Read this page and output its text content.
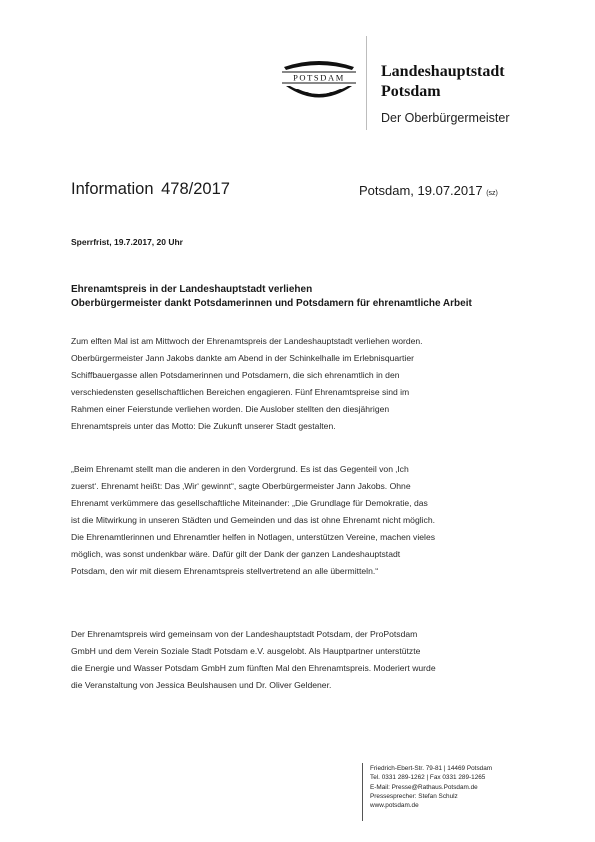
POTSDAM Landeshauptstadt
Potsdam
Der Oberbürgermeister
Information 478/2017	Potsdam, 19.07.2017 (sz)

Sperrfrist, 19.7.2017, 20 Uhr

Ehrenamtspreis in der Landeshauptstadt verliehen
Oberbürgermeister dankt Potsdamerinnen und Potsdamern für ehrenamtliche Arbeit
Zum elften Mal ist am Mittwoch der Ehrenamtspreis der Landeshauptstadt verliehen worden.
Oberbürgermeister Jann Jakobs dankte am Abend in der Schinkelhalle im Erlebnisquartier
Schiffbauergasse allen Potsdamerinnen und Potsdamern, die sich ehrenamtlich in den
verschiedensten gesellschaftlichen Bereichen engagieren. Fünf Ehrenamtspreise sind im
Rahmen einer Feierstunde verliehen worden. Die Auslober stellten den diesjährigen
Ehrenamtspreis unter das Motto: Die Zukunft unserer Stadt gestalten.
„Beim Ehrenamt stellt man die anderen in den Vordergrund. Es ist das Gegenteil von ‚Ich
zuerst‘. Ehrenamt heißt: Das ‚Wir‘ gewinnt“, sagte Oberbürgermeister Jann Jakobs. Ohne
Ehrenamt verkümmere das gesellschaftliche Miteinander: „Die Grundlage für Demokratie, das
ist die Mitwirkung in unseren Städten und Gemeinden und das ist ohne Ehrenamt nicht möglich.
Die Ehrenamtlerinnen und Ehrenamtler helfen in Notlagen, unterstützen Vereine, machen vieles
möglich, was sonst undenkbar wäre. Dafür gilt der Dank der ganzen Landeshauptstadt
Potsdam, den wir mit diesem Ehrenamtspreis stellvertretend an alle übermitteln.“
Der Ehrenamtspreis wird gemeinsam von der Landeshauptstadt Potsdam, der ProPotsdam
GmbH und dem Verein Soziale Stadt Potsdam e.V. ausgelobt. Als Hauptpartner unterstützte
die Energie und Wasser Potsdam GmbH zum fünften Mal den Ehrenamtspreis. Moderiert wurde
die Veranstaltung von Jessica Beulshausen und Dr. Oliver Geldener.
Friedrich-Ebert-Str. 79-81 | 14469 Potsdam
Tel. 0331 289-1262 | Fax 0331 289-1265
E-Mail: Presse@Rathaus.Potsdam.de
Pressesprecher: Stefan Schulz
www.potsdam.de
